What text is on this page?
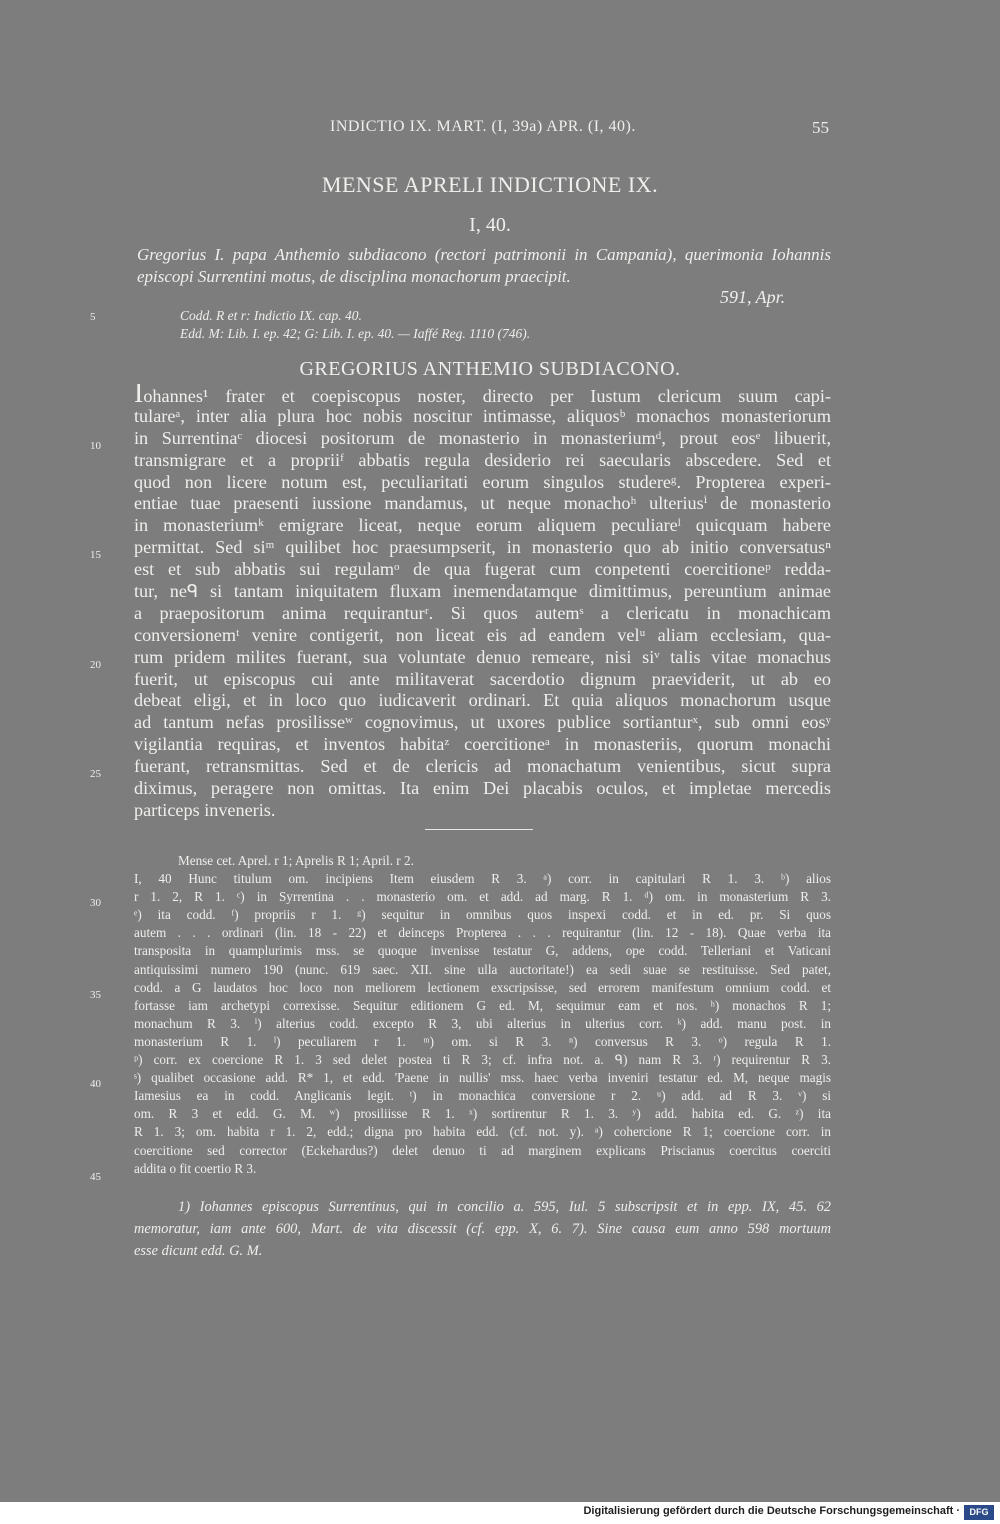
INDICTIO IX. MART. (I, 39a) APR. (I, 40).	55
MENSE APRELI INDICTIONE IX.
I, 40.
Gregorius I. papa Anthemio subdiacono (rectori patrimonii in Campania), querimonia Iohannis episcopi Surrentini motus, de disciplina monachorum praecipit.
591, Apr.
Codd. R et r: Indictio IX. cap. 40.
Edd. M: Lib. I. ep. 42; G: Lib. I. ep. 40. — Iaffé Reg. 1110 (746).
GREGORIUS ANTHEMIO SUBDIACONO.
Iohannes¹ frater et coepiscopus noster, directo per Iustum clericum suum capi-
tulareᵃ, inter alia plura hoc nobis noscitur intimasse, aliquosᵇ monachos monasteriorum
in Surrentinaᶜ diocesi positorum de monasterio in monasteriumᵈ, prout eosᵉ libuerit,
transmigrare et a propriiᶠ abbatis regula desiderio rei saecularis abscedere. Sed et
quod non licere notum est, peculiaritati eorum singulos studereᵍ. Propterea experi-
entiae tuae praesenti iussione mandamus, ut neque monachoʰ ulteriusⁱ de monasterio
in monasteriumᵏ emigrare liceat, neque eorum aliquem peculiareˡ quicquam habere
permittat. Sed siᵐ quilibet hoc praesumpserit, in monasterio quo ab initio conversatusⁿ
est et sub abbatis sui regulamᵒ de qua fugerat cum conpetenti coercitioneᵖ redda-
tur, neᑫ si tantam iniquitatem fluxam inemendatamque dimittimus, pereuntium animae
a praepositorum anima requiranturʳ. Si quos autemˢ a clericatu in monachicam
conversionemᵗ venire contigerit, non liceat eis ad eandem velᵘ aliam ecclesiam, qua-
rum pridem milites fuerant, sua voluntate denuo remeare, nisi siᵛ talis vitae monachus
fuerit, ut episcopus cui ante militaverat sacerdotio dignum praeviderit, ut ab eo
debeat eligi, et in loco quo iudicaverit ordinari. Et quia aliquos monachorum usque
ad tantum nefas prosilisseʷ cognovimus, ut uxores publice sortianturˣ, sub omni eosʸ
vigilantia requiras, et inventos habitaᶻ coercitioneᵃ in monasteriis, quorum monachi
fuerant, retransmittas. Sed et de clericis ad monachatum venientibus, sicut supra
diximus, peragere non omittas. Ita enim Dei placabis oculos, et impletae mercedis
particeps inveneris.
Mense cet. Aprel. r 1; Aprelis R 1; April. r 2.
I, 40 Hunc titulum om. incipiens Item eiusdem R 3. ᵃ) corr. in capitulari R 1. 3. ᵇ) alios
r 1. 2, R 1. ᶜ) in Syrrentina . . monasterio om. et add. ad marg. R 1. ᵈ) om. in monasterium R 3.
ᵉ) ita codd. ᶠ) propriis r 1. ᵍ) sequitur in omnibus quos inspexi codd. et in ed. pr. Si quos
autem . . . ordinari (lin. 18 - 22) et deinceps Propterea . . . requirantur (lin. 12 - 18). Quae verba ita
transposita in quamplurimis mss. se quoque invenisse testatur G, addens, ope codd. Telleriani et Vaticani
antiquissimi numero 190 (nunc. 619 saec. XII. sine ulla auctoritate!) ea sedi suae se restituisse. Sed patet,
codd. a G laudatos hoc loco non meliorem lectionem exscripsisse, sed errorem manifestum omnium codd. et
fortasse iam archetypi correxisse. Sequitur editionem G ed. M, sequimur eam et nos. ʰ) monachos R 1;
monachum R 3. ⁱ) alterius codd. excepto R 3, ubi alterius in ulterius corr. ᵏ) add. manu post. in
monasterium R 1. ˡ) peculiarem r 1. ᵐ) om. si R 3. ⁿ) conversus R 3. ᵒ) regula R 1.
ᵖ) corr. ex coercione R 1. 3 sed delet postea ti R 3; cf. infra not. a. ᑫ) nam R 3. ʳ) requirentur R 3.
ˢ) qualibet occasione add. R* 1, et edd. 'Paene in nullis' mss. haec verba inveniri testatur ed. M, neque magis
Iamesius ea in codd. Anglicanis legit. ᵗ) in monachica conversione r 2. ᵘ) add. ad R 3. ᵛ) si
om. R 3 et edd. G. M. ʷ) prosiliisse R 1. ˣ) sortirentur R 1. 3. ʸ) add. habita ed. G. ᶻ) ita
R 1. 3; om. habita r 1. 2, edd.; digna pro habita edd. (cf. not. y). ᵃ) cohercione R 1; coercione corr. in
coercitione sed corrector (Eckehardus?) delet denuo ti ad marginem explicans Priscianus coercitus coerciti
addita o fit coertio R 3.
1) Iohannes episcopus Surrentinus, qui in concilio a. 595, Iul. 5 subscripsit et in epp. IX, 45. 62
memoratur, iam ante 600, Mart. de vita discessit (cf. epp. X, 6. 7). Sine causa eum anno 598 mortuum
esse dicunt edd. G. M.
5
10
15
20
25
30
35
40
45
Digitalisierung gefördert durch die Deutsche Forschungsgemeinschaft ·	DFG
